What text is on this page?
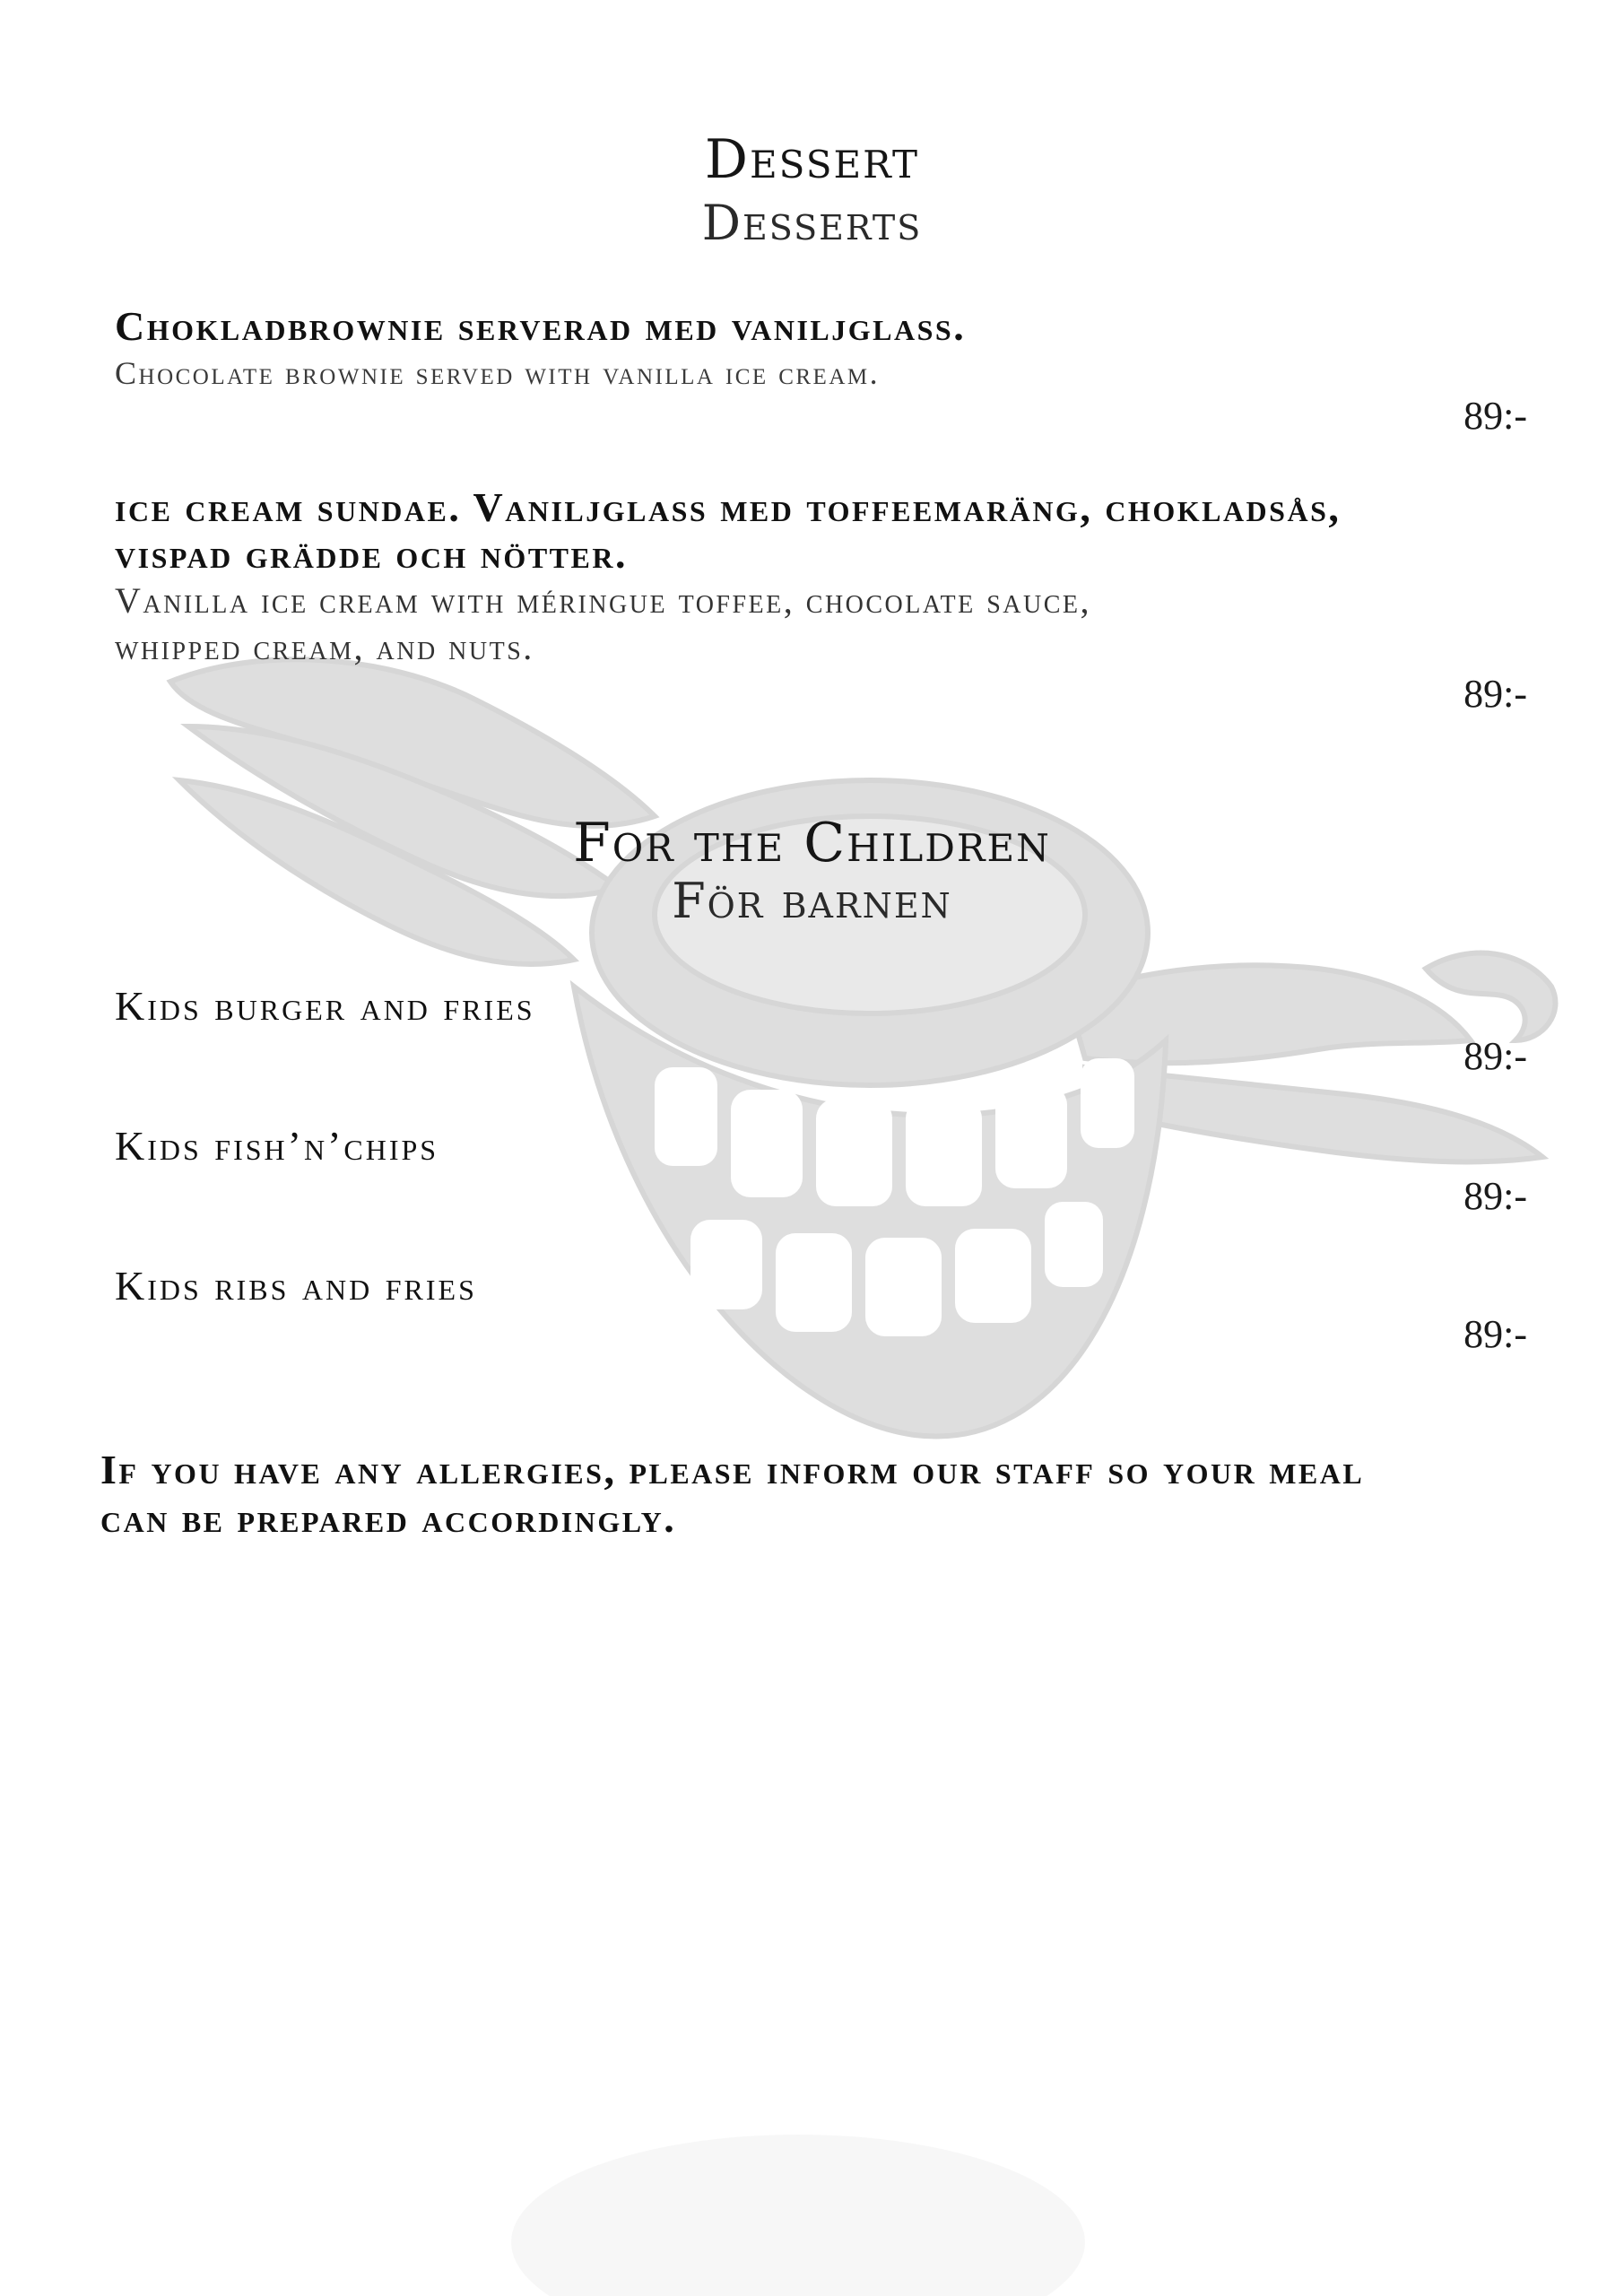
Dessert
Desserts
Chokladbrownie serverad med vaniljglass.
Chocolate brownie served with vanilla ice cream.
89:-
ice cream sundae. Vaniljglass med toffeemaräng, chokladsås,
vispad grädde och nötter.
Vanilla ice cream with méringue toffee, chocolate sauce,
whipped cream, and nuts.
89:-
For the Children
För barnen
Kids burger and fries
89:-
Kids fish’n’chips
89:-
Kids ribs and fries
89:-
If you have any allergies, please inform our staff so your meal
can be prepared accordingly.
